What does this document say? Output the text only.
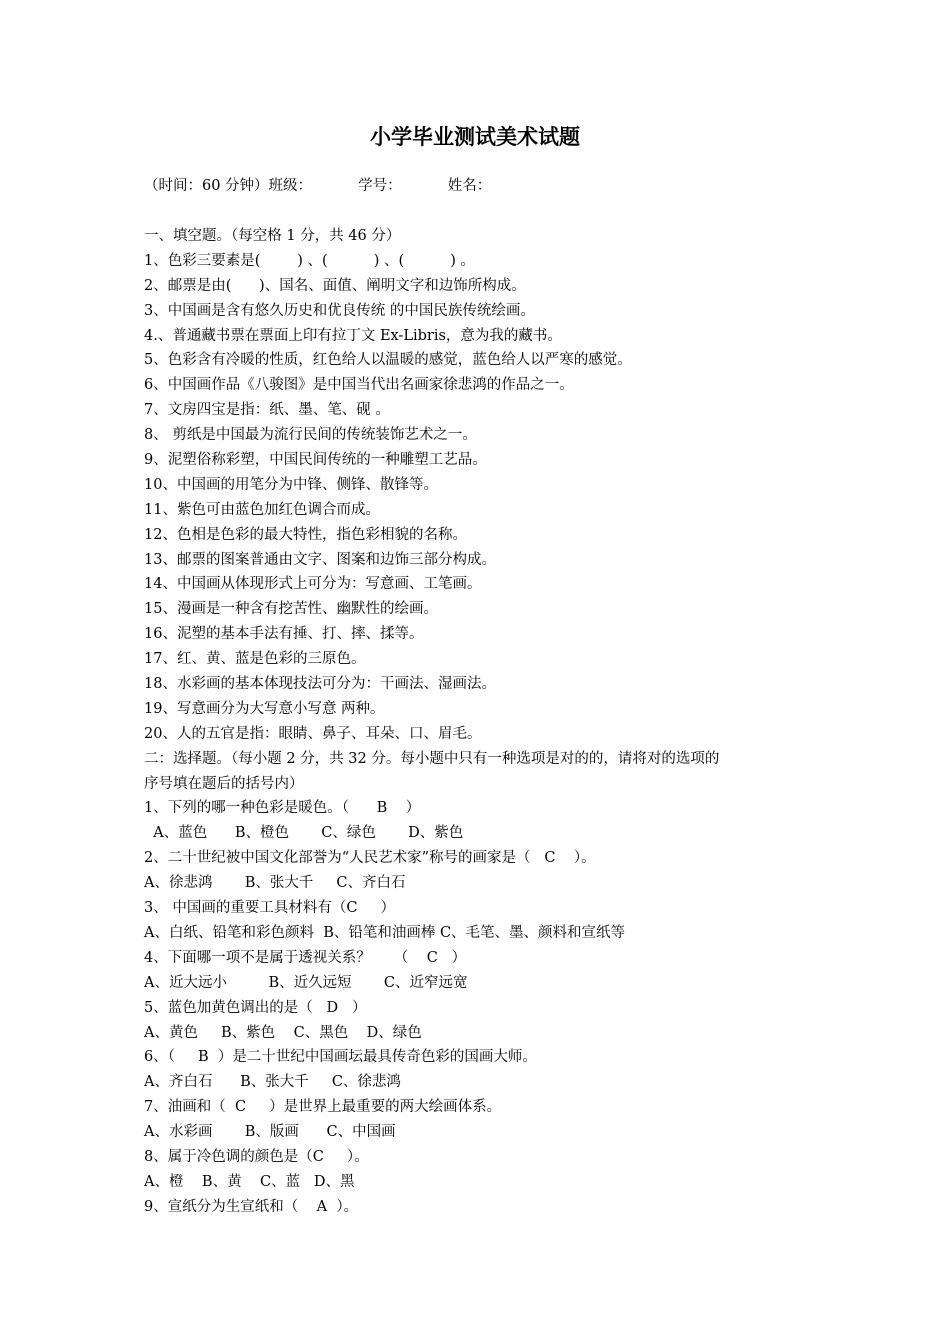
小学毕业测试美术试题
（时间：60 分钟）班级：          学号：          姓名：
一、填空题。（每空格 1 分，共 46 分）
1、色彩三要素是(        ) 、(          ) 、(          ) 。
2、邮票是由(      )、国名、面值、阐明文字和边饰所构成。
3、中国画是含有悠久历史和优良传统 的中国民族传统绘画。
4.、普通藏书票在票面上印有拉丁文 Ex-Libris，意为我的藏书。
5、色彩含有冷暖的性质，红色给人以温暖的感觉，蓝色给人以严寒的感觉。
6、中国画作品《八骏图》是中国当代出名画家徐悲鸿的作品之一。
7、文房四宝是指：纸、墨、笔、砚 。
8、 剪纸是中国最为流行民间的传统装饰艺术之一。
9、泥塑俗称彩塑，中国民间传统的一种雕塑工艺品。
10、中国画的用笔分为中锋、侧锋、散锋等。
11、紫色可由蓝色加红色调合而成。
12、色相是色彩的最大特性，指色彩相貌的名称。
13、邮票的图案普通由文字、图案和边饰三部分构成。
14、中国画从体现形式上可分为：写意画、工笔画。
15、漫画是一种含有挖苦性、幽默性的绘画。
16、泥塑的基本手法有捶、打、摔、揉等。
17、红、黄、蓝是色彩的三原色。
18、水彩画的基本体现技法可分为：干画法、湿画法。
19、写意画分为大写意小写意 两种。
20、人的五官是指：眼睛、鼻子、耳朵、口、眉毛。
二：选择题。（每小题 2 分，共 32 分。每小题中只有一种选项是对的的，请将对的选项的
序号填在题后的括号内）
1、下列的哪一种色彩是暖色。（      B    ）
A、蓝色      B、橙色       C、绿色       D、紫色
2、二十世纪被中国文化部誉为“人民艺术家”称号的画家是（   C    ）。
A、徐悲鸿       B、张大千     C、齐白石
3、 中国画的重要工具材料有（C     ）
A、白纸、铅笔和彩色颜料  B、铅笔和油画棒 C、毛笔、墨、颜料和宣纸等
4、下面哪一项不是属于透视关系？     （    C   ）
A、近大远小         B、近久远短       C、近窄远宽
5、蓝色加黄色调出的是（   D   ）
A、黄色     B、紫色    C、黑色    D、绿色
6、（     B  ）是二十世纪中国画坛最具传奇色彩的国画大师。
A、齐白石      B、张大千     C、徐悲鸿
7、油画和（  C     ）是世界上最重要的两大绘画体系。
A、水彩画       B、版画      C、中国画
8、属于冷色调的颜色是（C     ）。
A、橙    B、黄    C、蓝   D、黑
9、宣纸分为生宣纸和（    A  ）。
